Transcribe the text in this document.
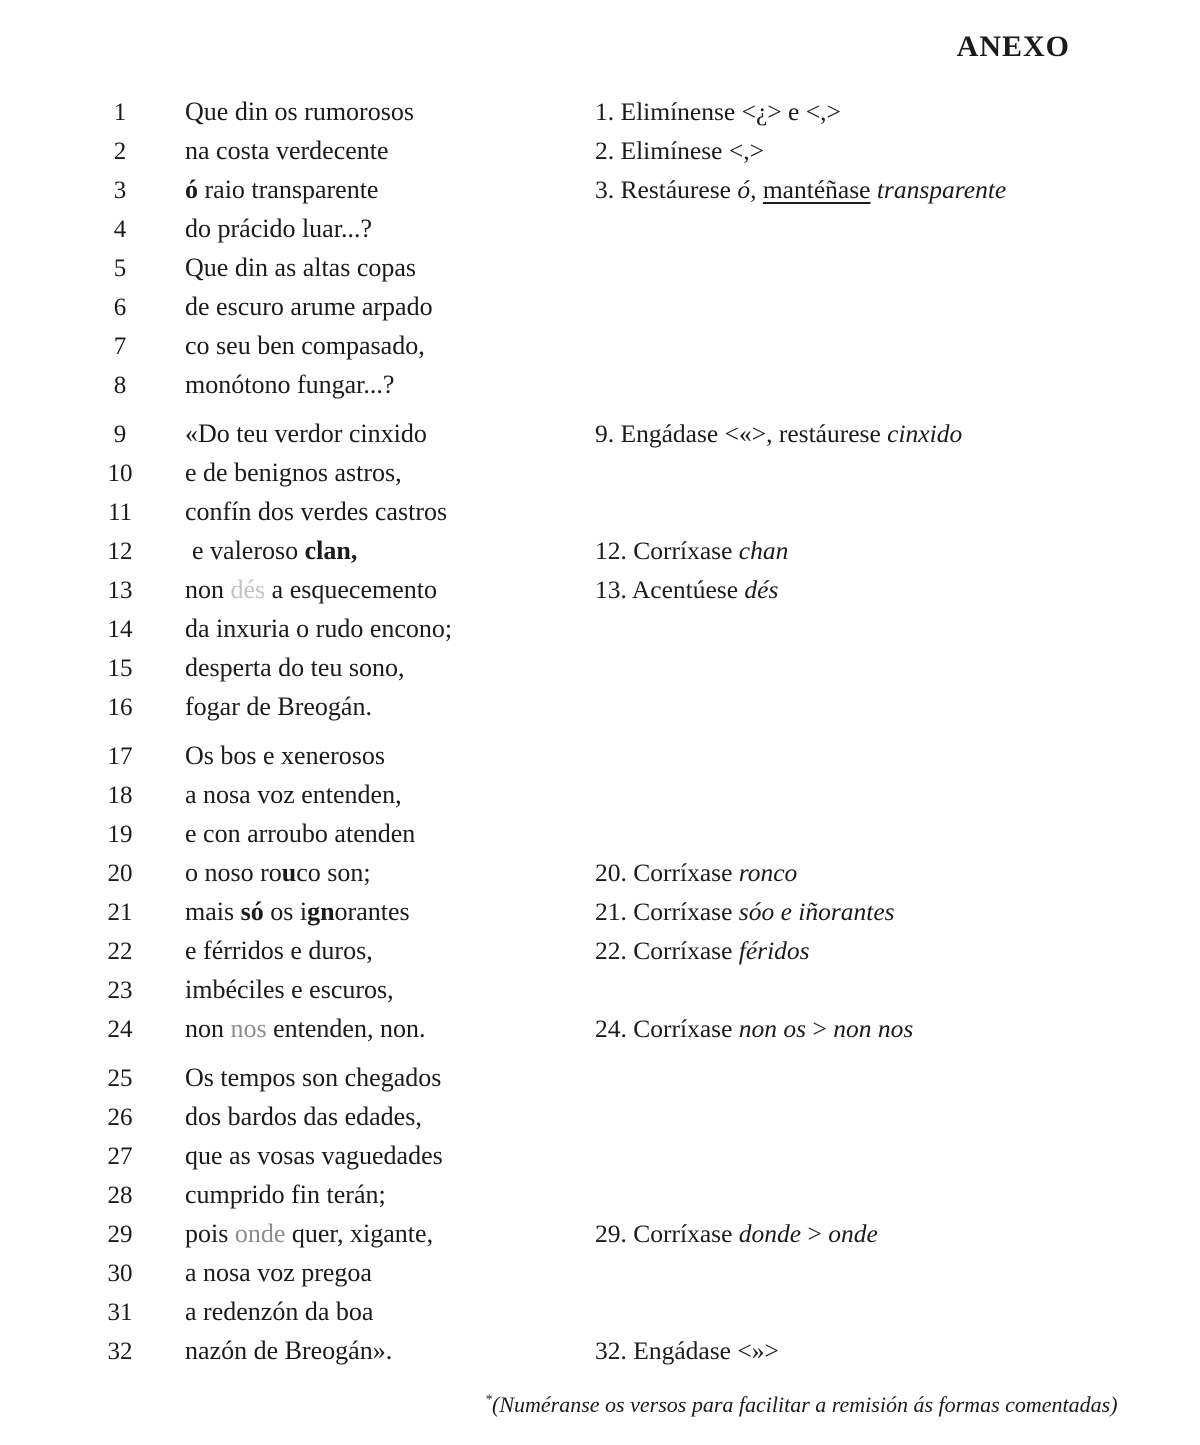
ANEXO
1	Que din os rumorosos	1. Elimínense <¿> e <,>
2	na costa verdecente	2. Elimínese <,>
3	ó raio transparente	3. Restáurese ó, mantéñase transparente
4	do prácido luar...?
5	Que din as altas copas
6	de escuro arume arpado
7	co seu ben compasado,
8	monótono fungar...?
9	«Do teu verdor cinxido	9. Engádase <«>, restáurese cinxido
10	e de benignos astros,
11	confín dos verdes castros
12	e valeroso clan,	12. Corríxase chan
13	non dés a esquecemento	13. Acentúese dés
14	da inxuria o rudo encono;
15	desperta do teu sono,
16	fogar de Breogán.
17	Os bos e xenerosos
18	a nosa voz entenden,
19	e con arroubo atenden
20	o noso rouco son;	20. Corríxase ronco
21	mais só os ignorantes	21. Corríxase sóo e iñorantes
22	e férridos e duros,	22. Corríxase féridos
23	imbéciles e escuros,
24	non nos entenden, non.	24. Corríxase non os > non nos
25	Os tempos son chegados
26	dos bardos das edades,
27	que as vosas vaguedades
28	cumprido fin terán;
29	pois onde quer, xigante,	29. Corríxase donde > onde
30	a nosa voz pregoa
31	a redenzón da boa
32	nazón de Breogán».	32. Engádase <»>
*(Numéranse os versos para facilitar a remisión ás formas comentadas)
